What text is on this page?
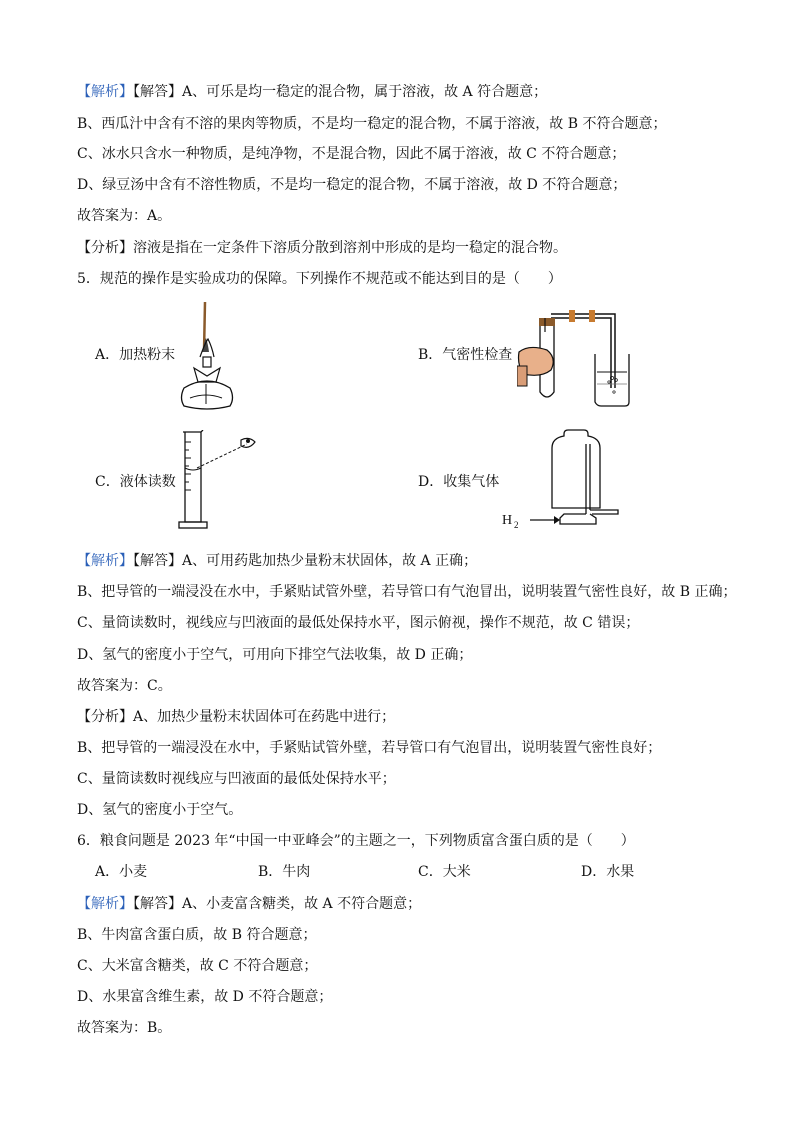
【解析】【解答】A、可乐是均一稳定的混合物，属于溶液，故 A 符合题意；
B、西瓜汁中含有不溶的果肉等物质，不是均一稳定的混合物，不属于溶液，故 B 不符合题意；
C、冰水只含水一种物质，是纯净物，不是混合物，因此不属于溶液，故 C 不符合题意；
D、绿豆汤中含有不溶性物质，不是均一稳定的混合物，不属于溶液，故 D 不符合题意；
故答案为：A。
【分析】溶液是指在一定条件下溶质分散到溶剂中形成的是均一稳定的混合物。
5．规范的操作是实验成功的保障。下列操作不规范或不能达到目的是（　　）
A．加热粉末	B．气密性检查
C．液体读数	D．收集气体
H 2
【解析】【解答】A、可用药匙加热少量粉末状固体，故 A 正确；
B、把导管的一端浸没在水中，手紧贴试管外壁，若导管口有气泡冒出，说明装置气密性良好，故 B 正确；
C、量筒读数时，视线应与凹液面的最低处保持水平，图示俯视，操作不规范，故 C 错误；
D、氢气的密度小于空气，可用向下排空气法收集，故 D 正确；
故答案为：C。
【分析】A、加热少量粉末状固体可在药匙中进行；
B、把导管的一端浸没在水中，手紧贴试管外壁，若导管口有气泡冒出，说明装置气密性良好；
C、量筒读数时视线应与凹液面的最低处保持水平；
D、氢气的密度小于空气。
6．粮食问题是 2023 年“中国一中亚峰会”的主题之一，下列物质富含蛋白质的是（　　）
A．小麦	B．牛肉	C．大米	D．水果
【解析】【解答】A、小麦富含糖类，故 A 不符合题意；
B、牛肉富含蛋白质，故 B 符合题意；
C、大米富含糖类，故 C 不符合题意；
D、水果富含维生素，故 D 不符合题意；
故答案为：B。
